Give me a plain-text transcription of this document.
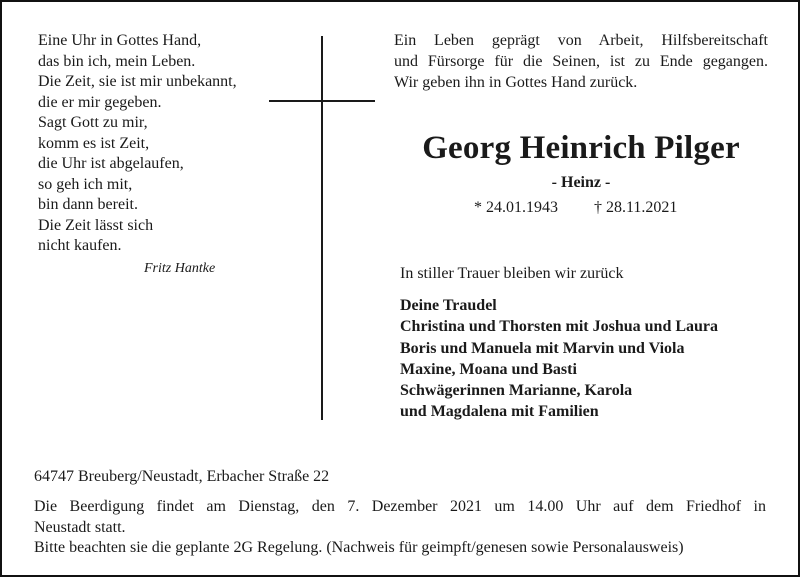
Eine Uhr in Gottes Hand,
das bin ich, mein Leben.
Die Zeit, sie ist mir unbekannt,
die er mir gegeben.
Sagt Gott zu mir,
komm es ist Zeit,
die Uhr ist abgelaufen,
so geh ich mit,
bin dann bereit.
Die Zeit lässt sich
nicht kaufen.
Fritz Hantke
Ein Leben geprägt von Arbeit, Hilfsbereitschaft
und Fürsorge für die Seinen, ist zu Ende gegangen.
Wir geben ihn in Gottes Hand zurück.
Georg Heinrich Pilger
- Heinz -
* 24.01.1943 † 28.11.2021
In stiller Trauer bleiben wir zurück
Deine Traudel
Christina und Thorsten mit Joshua und Laura
Boris und Manuela mit Marvin und Viola
Maxine, Moana und Basti
Schwägerinnen Marianne, Karola
und Magdalena mit Familien
64747 Breuberg/Neustadt, Erbacher Straße 22
Die Beerdigung findet am Dienstag, den 7. Dezember 2021 um 14.00 Uhr auf dem Friedhof in
Neustadt statt.
Bitte beachten sie die geplante 2G Regelung. (Nachweis für geimpft/genesen sowie Personalausweis)
